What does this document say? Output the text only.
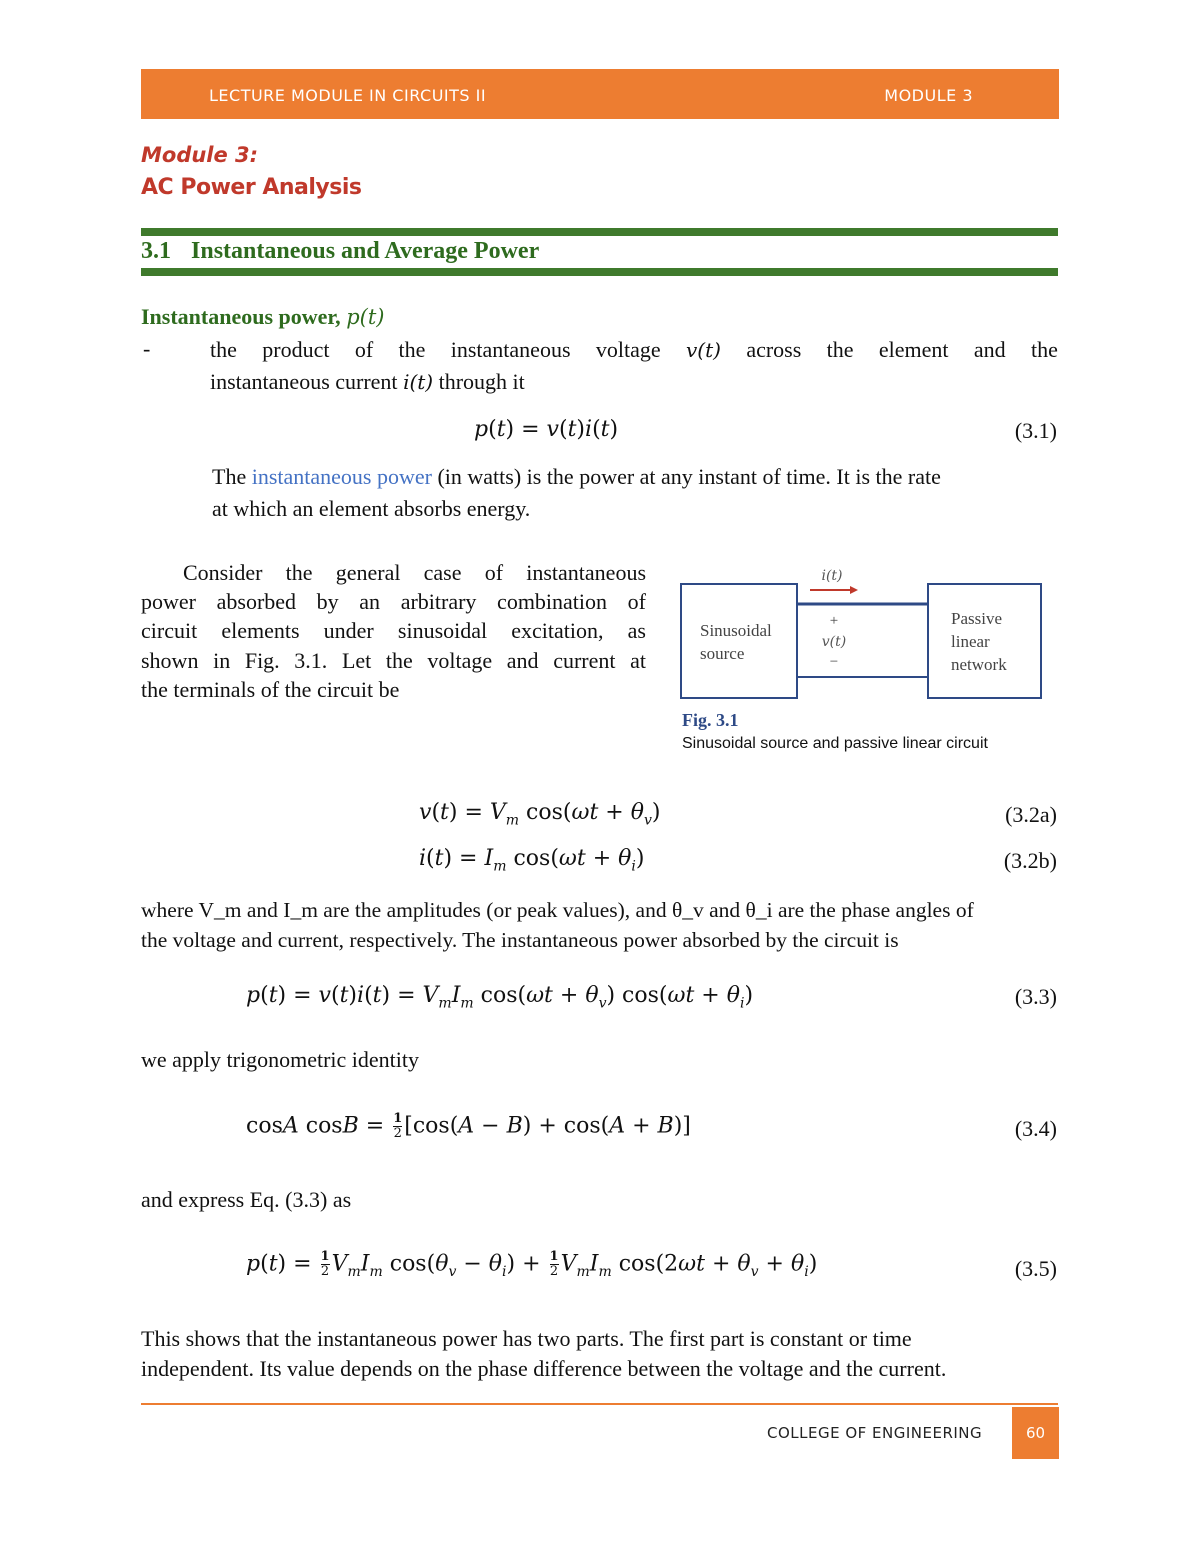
LECTURE MODULE IN CIRCUITS II	MODULE 3
Module 3:
AC Power Analysis
3.1 Instantaneous and Average Power
Instantaneous power, p(t)
-	the product of the instantaneous voltage v(t) across the element and the
instantaneous current i(t) through it
p(t) = v(t)i(t)	(3.1)
The instantaneous power (in watts) is the power at any instant of time. It is the rate
at which an element absorbs energy.
Consider the general case of instantaneous
power absorbed by an arbitrary combination of
circuit elements under sinusoidal excitation, as
shown in Fig. 3.1. Let the voltage and current at
the terminals of the circuit be
i(t)
Sinusoidal
source
+
v(t)
−
Passive
linear
network
Fig. 3.1
Sinusoidal source and passive linear circuit
$v(t) = V_m$ $\cos(\omega t + \theta_v)$	(3.2a)
$i(t) = I_m$ $\cos(\omega t + \theta_i)$	(3.2b)
where V_m and I_m are the amplitudes (or peak values), and θ_v and θ_i are the phase angles of
the voltage and current, respectively. The instantaneous power absorbed by the circuit is
$p(t) = v(t)i(t) = V_mI_m$ $\cos(\omega t + \theta_v)$ $\cos(\omega t + \theta_i)$	(3.3)
we apply trigonometric identity
cosA $\cos B = \frac{1}{2} [\cos(A - B) + \cos(A + B)]$	(3.4)
and express Eq. (3.3) as
$p(t) = \frac{1}{2} V_mI_m$ $\cos(\theta_v - \theta_i) + \frac{1}{2} V_mI_m$ $\cos(2\omega t + \theta_v + \theta_i)$	(3.5)
This shows that the instantaneous power has two parts. The first part is constant or time
independent. Its value depends on the phase difference between the voltage and the current.
COLLEGE OF ENGINEERING	60
